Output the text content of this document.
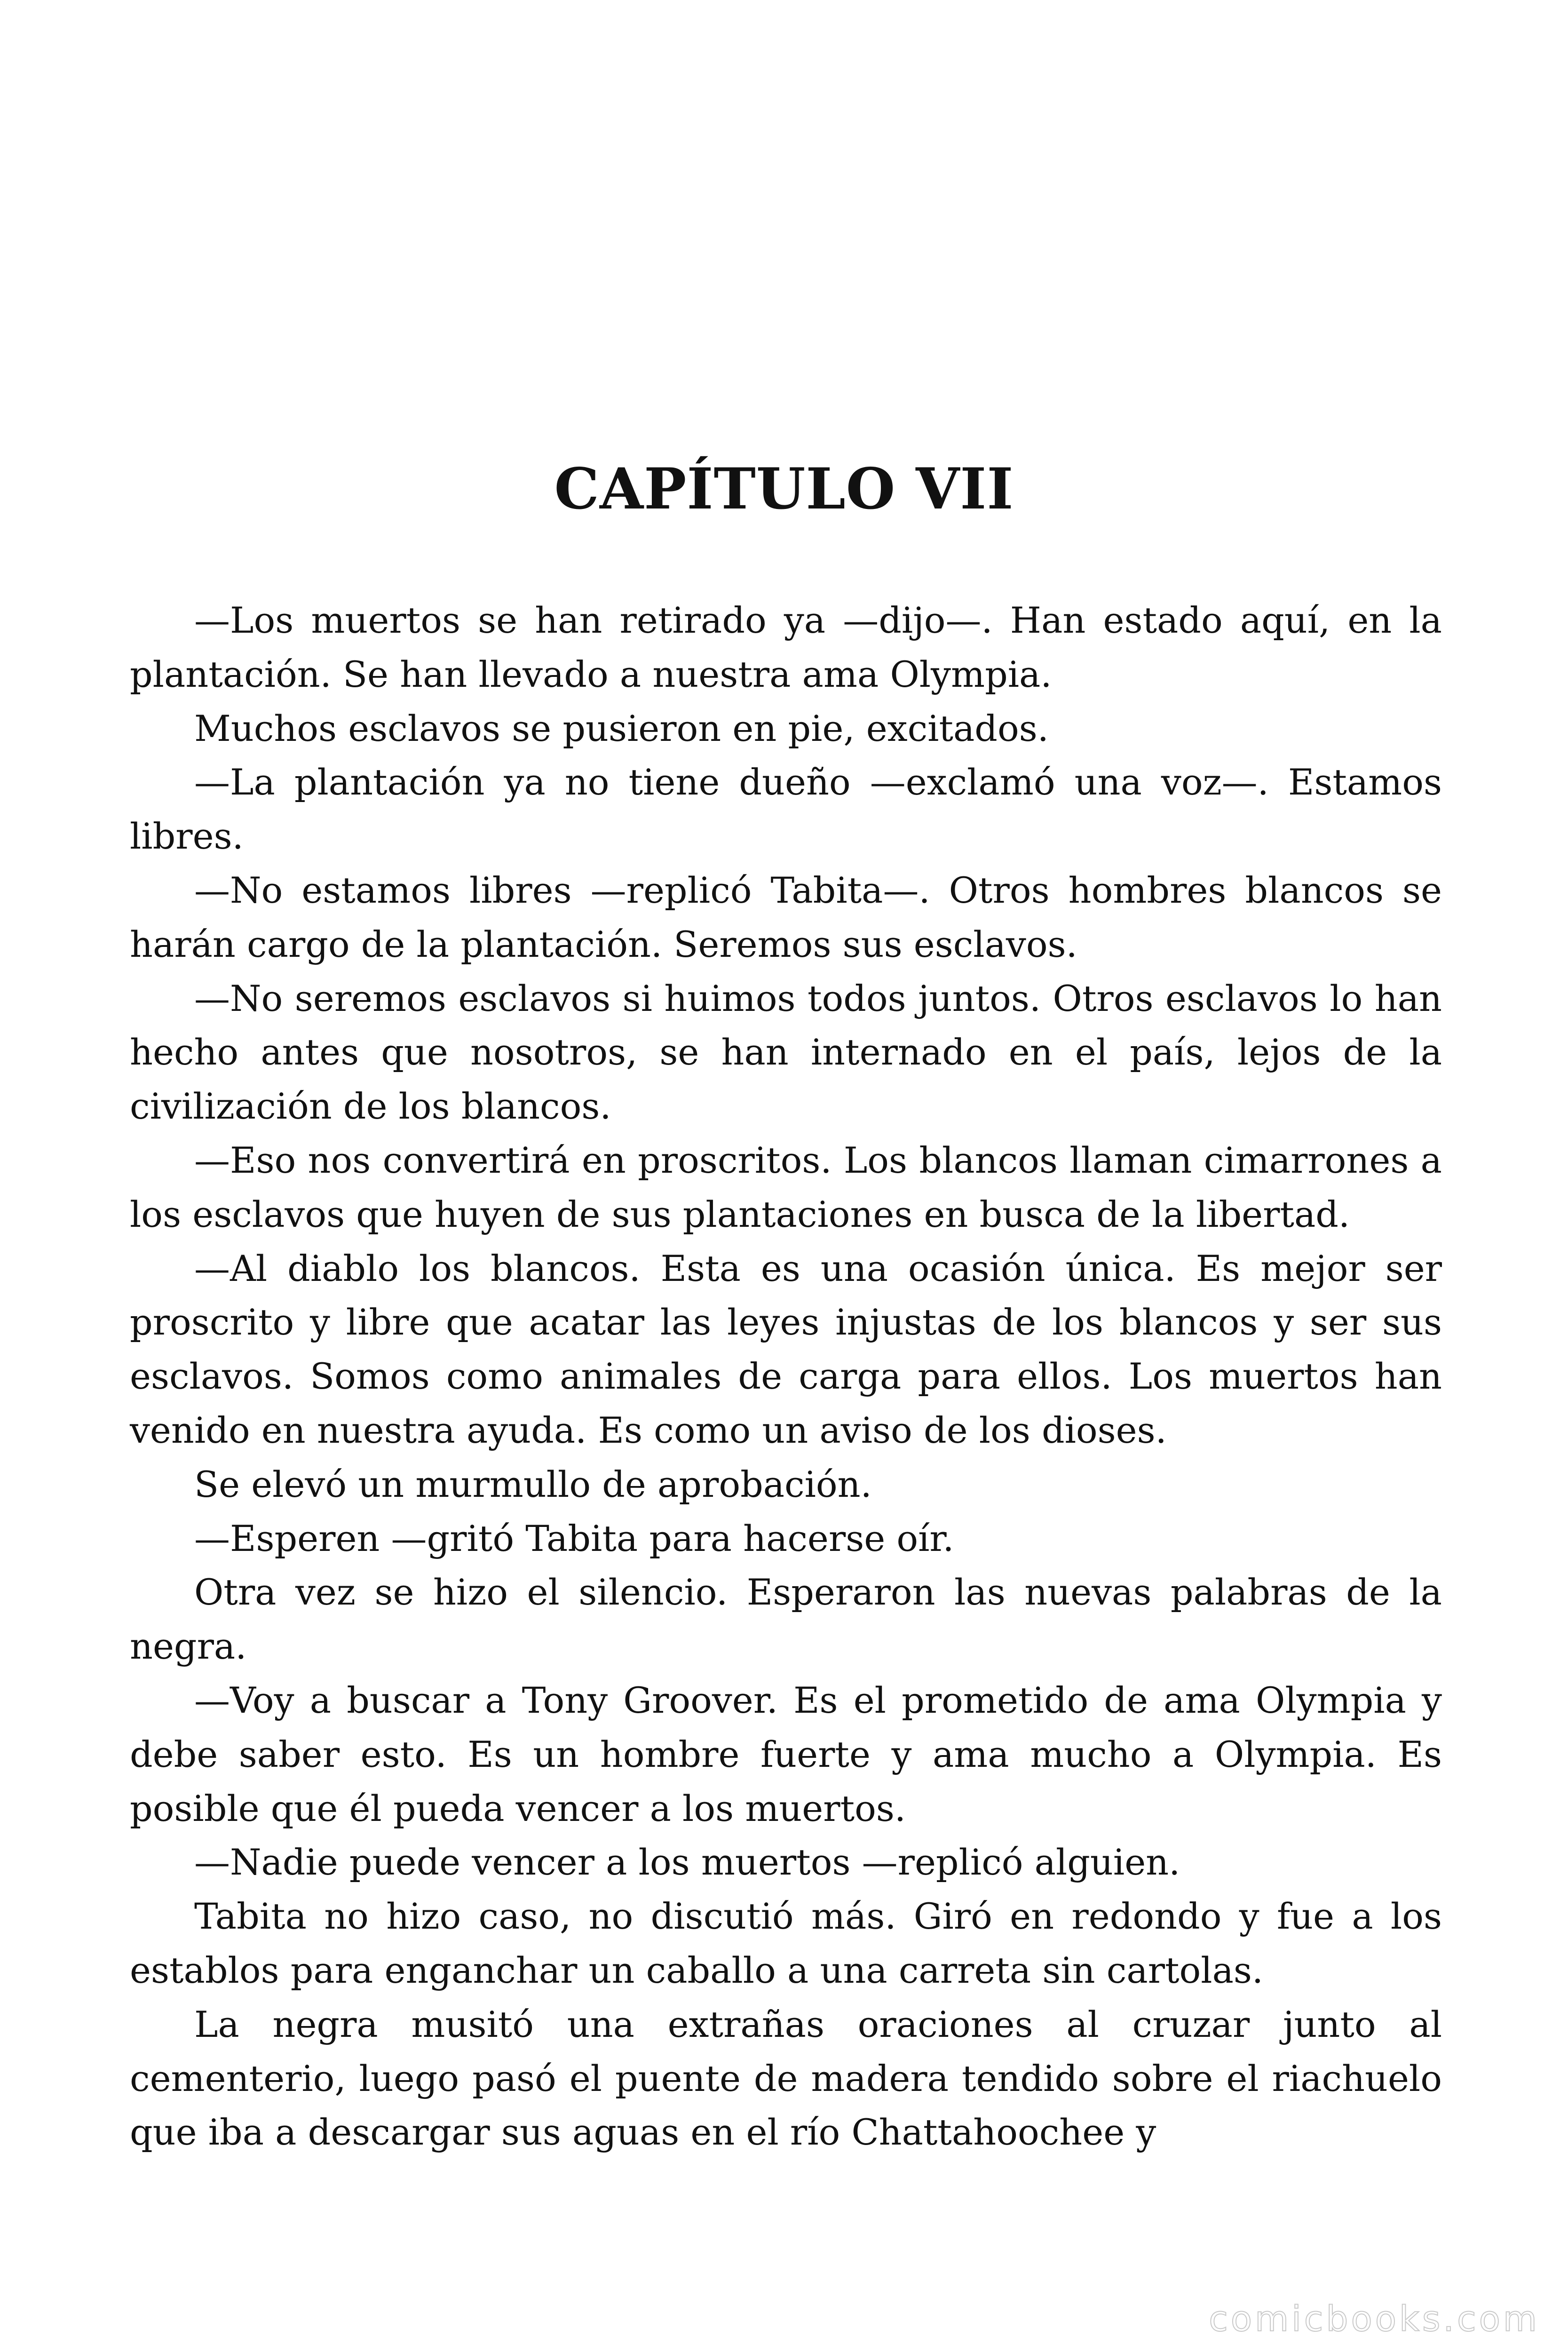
CAPÍTULO VII

—Los muertos se han retirado ya —dijo—. Han estado aquí, en la plantación. Se han llevado a nuestra ama Olympia.

Muchos esclavos se pusieron en pie, excitados.

—La plantación ya no tiene dueño —exclamó una voz—. Estamos libres.

—No estamos libres —replicó Tabita—. Otros hombres blancos se harán cargo de la plantación. Seremos sus esclavos.

—No seremos esclavos si huimos todos juntos. Otros esclavos lo han hecho antes que nosotros, se han internado en el país, lejos de la civilización de los blancos.

—Eso nos convertirá en proscritos. Los blancos llaman cimarrones a los esclavos que huyen de sus plantaciones en busca de la libertad.

—Al diablo los blancos. Esta es una ocasión única. Es mejor ser proscrito y libre que acatar las leyes injustas de los blancos y ser sus esclavos. Somos como animales de carga para ellos. Los muertos han venido en nuestra ayuda. Es como un aviso de los dioses.

Se elevó un murmullo de aprobación.

—Esperen —gritó Tabita para hacerse oír.

Otra vez se hizo el silencio. Esperaron las nuevas palabras de la negra.

—Voy a buscar a Tony Groover. Es el prometido de ama Olympia y debe saber esto. Es un hombre fuerte y ama mucho a Olympia. Es posible que él pueda vencer a los muertos.

—Nadie puede vencer a los muertos —replicó alguien.

Tabita no hizo caso, no discutió más. Giró en redondo y fue a los establos para enganchar un caballo a una carreta sin cartolas.

La negra musitó una extrañas oraciones al cruzar junto al cementerio, luego pasó el puente de madera tendido sobre el riachuelo que iba a descargar sus aguas en el río Chattahoochee y

comicbooks.com
